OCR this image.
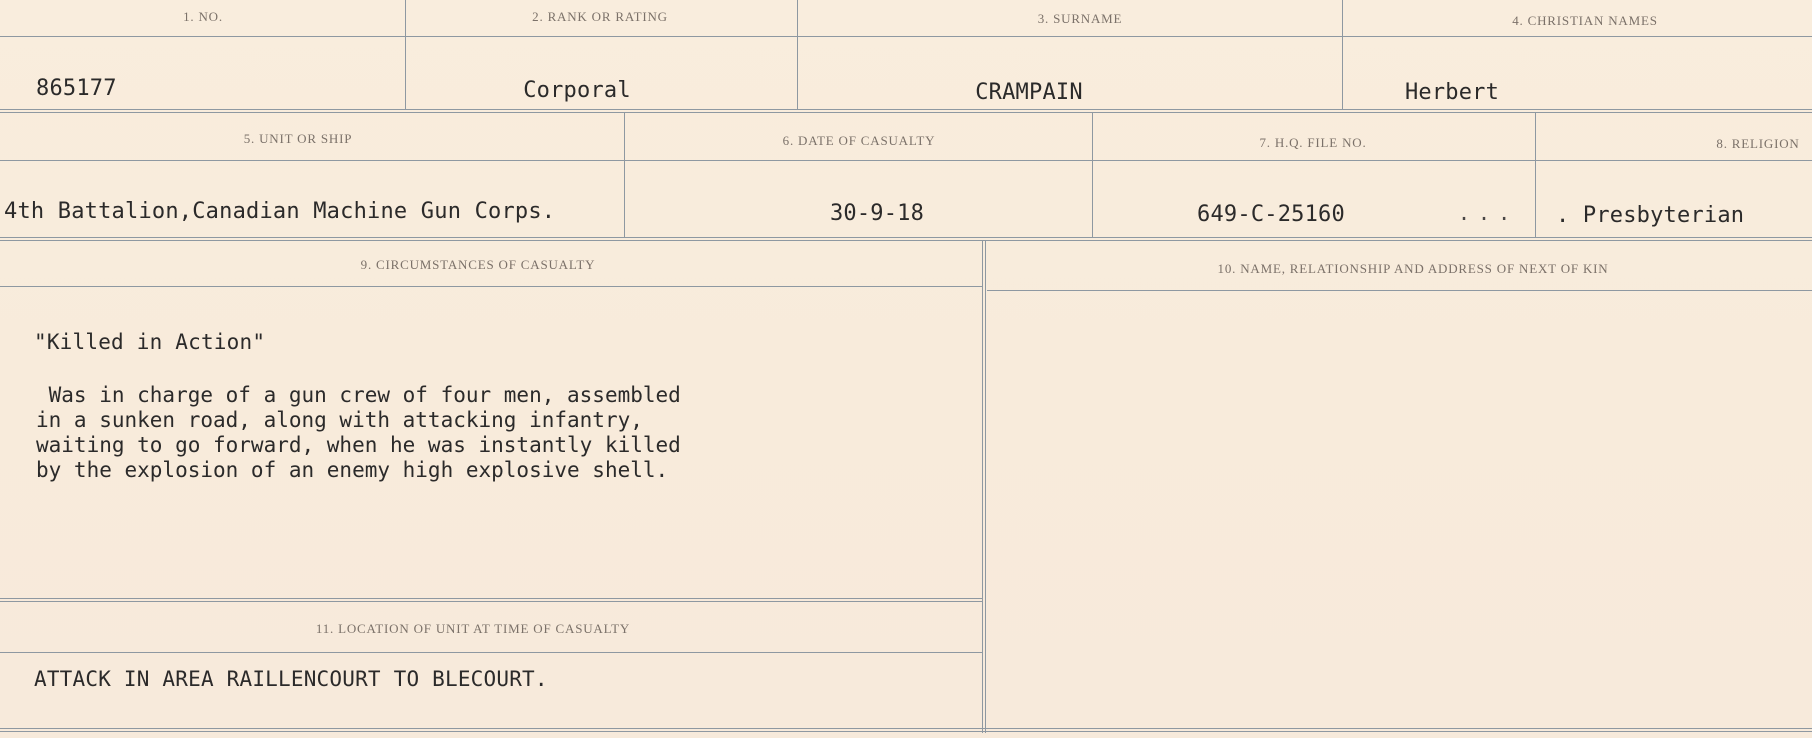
1. NO.	2. RANK OR RATING	3. SURNAME	4. CHRISTIAN NAMES
865177	Corporal	CRAMPAIN	Herbert
5. UNIT OR SHIP	6. DATE OF CASUALTY	7. H.Q. FILE NO.	8. RELIGION
4th Battalion,Canadian Machine Gun Corps.	30-9-18	649-C-25160	... . Presbyterian
9. CIRCUMSTANCES OF CASUALTY	10. NAME, RELATIONSHIP AND ADDRESS OF NEXT OF KIN
"Killed in Action"
Was in charge of a gun crew of four men, assembled
in a sunken road, along with attacking infantry,
waiting to go forward, when he was instantly killed
by the explosion of an enemy high explosive shell.
11. LOCATION OF UNIT AT TIME OF CASUALTY
ATTACK IN AREA RAILLENCOURT TO BLECOURT.
